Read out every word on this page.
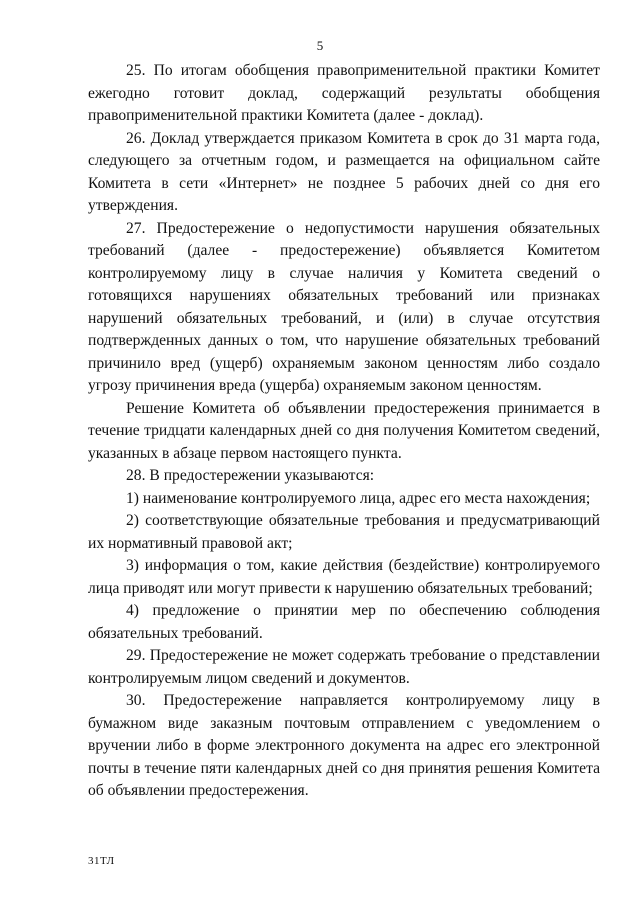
5

25. По итогам обобщения правоприменительной практики Комитет ежегодно готовит доклад, содержащий результаты обобщения правоприменительной практики Комитета (далее - доклад).

26. Доклад утверждается приказом Комитета в срок до 31 марта года, следующего за отчетным годом, и размещается на официальном сайте Комитета в сети «Интернет» не позднее 5 рабочих дней со дня его утверждения.

27. Предостережение о недопустимости нарушения обязательных требований (далее - предостережение) объявляется Комитетом контролируемому лицу в случае наличия у Комитета сведений о готовящихся нарушениях обязательных требований или признаках нарушений обязательных требований, и (или) в случае отсутствия подтвержденных данных о том, что нарушение обязательных требований причинило вред (ущерб) охраняемым законом ценностям либо создало угрозу причинения вреда (ущерба) охраняемым законом ценностям.

Решение Комитета об объявлении предостережения принимается в течение тридцати календарных дней со дня получения Комитетом сведений, указанных в абзаце первом настоящего пункта.

28. В предостережении указываются:

1) наименование контролируемого лица, адрес его места нахождения;

2) соответствующие обязательные требования и предусматривающий их нормативный правовой акт;

3) информация о том, какие действия (бездействие) контролируемого лица приводят или могут привести к нарушению обязательных требований;

4) предложение о принятии мер по обеспечению соблюдения обязательных требований.

29. Предостережение не может содержать требование о представлении контролируемым лицом сведений и документов.

30. Предостережение направляется контролируемому лицу в бумажном виде заказным почтовым отправлением с уведомлением о вручении либо в форме электронного документа на адрес его электронной почты в течение пяти календарных дней со дня принятия решения Комитета об объявлении предостережения.

31ТЛ
